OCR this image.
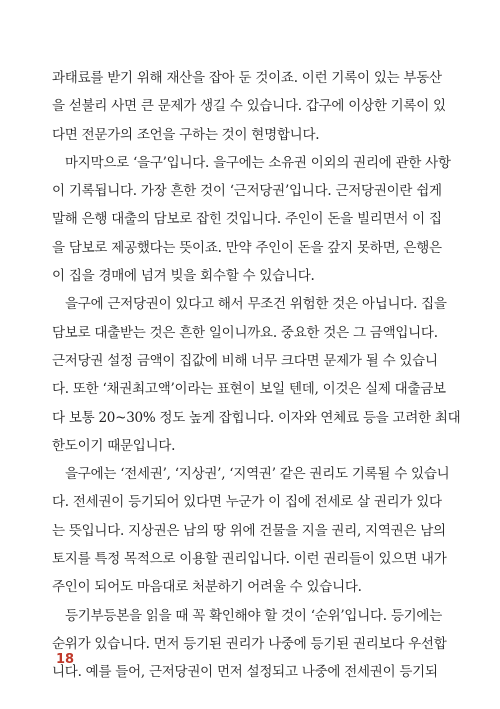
과태료를 받기 위해 재산을 잡아 둔 것이죠. 이런 기록이 있는 부동산
을 섣불리 사면 큰 문제가 생길 수 있습니다. 갑구에 이상한 기록이 있
다면 전문가의 조언을 구하는 것이 현명합니다.
마지막으로 ‘을구’입니다. 을구에는 소유권 이외의 권리에 관한 사항
이 기록됩니다. 가장 흔한 것이 ‘근저당권’입니다. 근저당권이란 쉽게
말해 은행 대출의 담보로 잡힌 것입니다. 주인이 돈을 빌리면서 이 집
을 담보로 제공했다는 뜻이죠. 만약 주인이 돈을 갚지 못하면, 은행은
이 집을 경매에 넘겨 빚을 회수할 수 있습니다.
을구에 근저당권이 있다고 해서 무조건 위험한 것은 아닙니다. 집을
담보로 대출받는 것은 흔한 일이니까요. 중요한 것은 그 금액입니다.
근저당권 설정 금액이 집값에 비해 너무 크다면 문제가 될 수 있습니
다. 또한 ‘채권최고액’이라는 표현이 보일 텐데, 이것은 실제 대출금보
다 보통 20~30% 정도 높게 잡힙니다. 이자와 연체료 등을 고려한 최대
한도이기 때문입니다.
을구에는 ‘전세권’, ‘지상권’, ‘지역권’ 같은 권리도 기록될 수 있습니
다. 전세권이 등기되어 있다면 누군가 이 집에 전세로 살 권리가 있다
는 뜻입니다. 지상권은 남의 땅 위에 건물을 지을 권리, 지역권은 남의
토지를 특정 목적으로 이용할 권리입니다. 이런 권리들이 있으면 내가
주인이 되어도 마음대로 처분하기 어려울 수 있습니다.
등기부등본을 읽을 때 꼭 확인해야 할 것이 ‘순위’입니다. 등기에는
순위가 있습니다. 먼저 등기된 권리가 나중에 등기된 권리보다 우선합
니다. 예를 들어, 근저당권이 먼저 설정되고 나중에 전세권이 등기되
18
